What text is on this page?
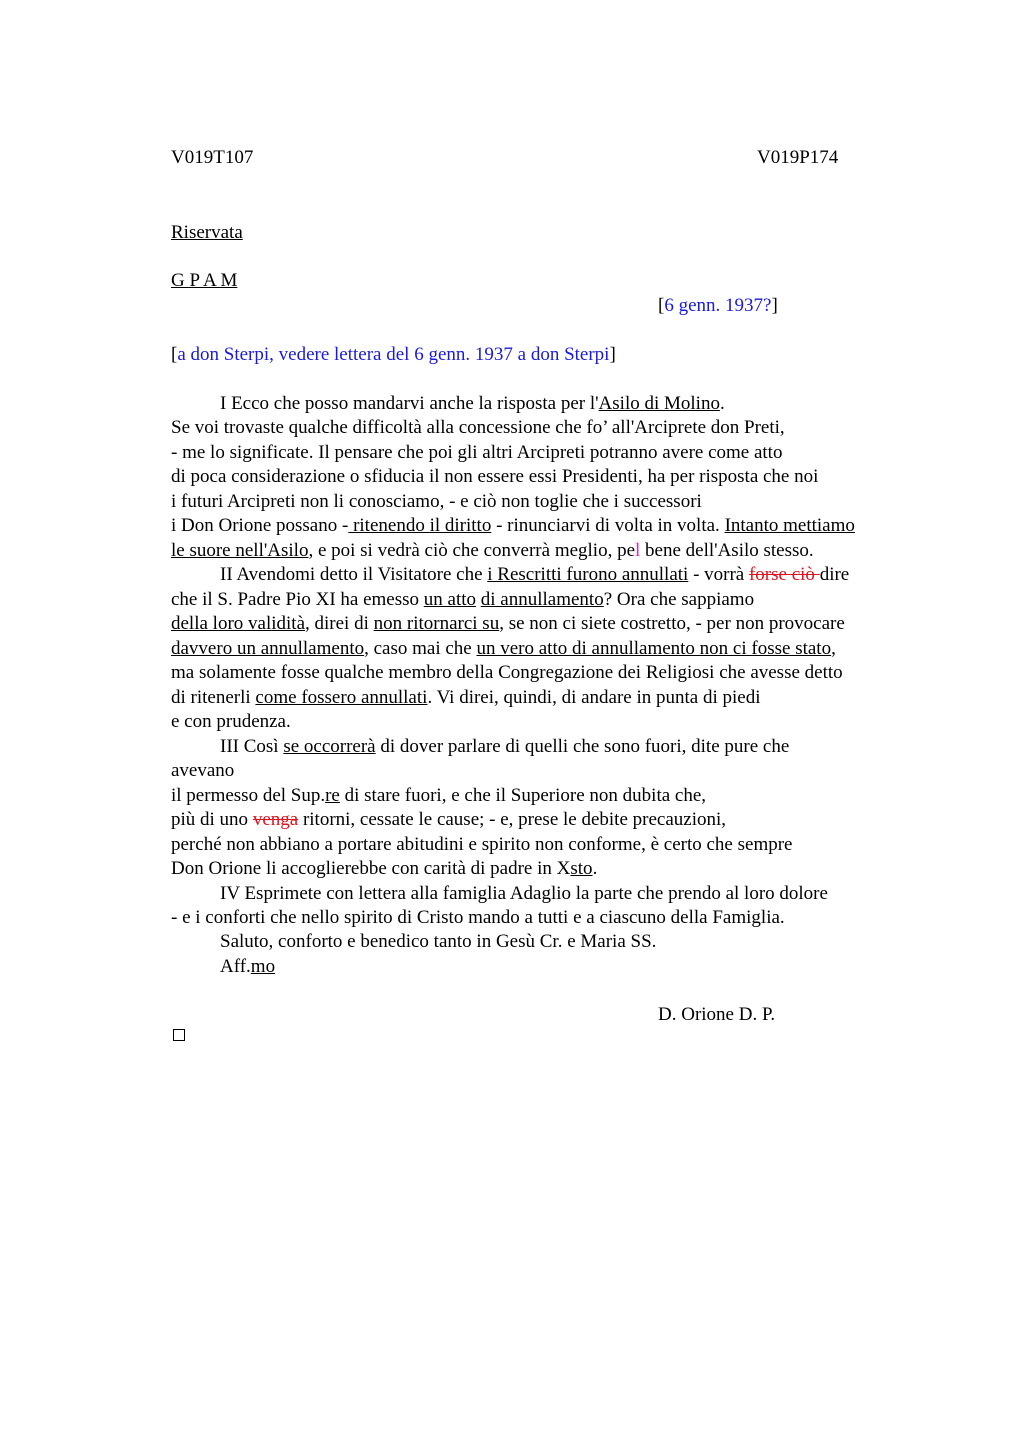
V019T107	V019P174
Riservata
G P A M
[6 genn. 1937?]
[a don Sterpi, vedere lettera del 6 genn. 1937 a don Sterpi]
I Ecco che posso mandarvi anche la risposta per l'Asilo di Molino.
Se voi trovaste qualche difficoltà alla concessione che fo’ all'Arciprete don Preti,
- me lo significate. Il pensare che poi gli altri Arcipreti potranno avere come atto
di poca considerazione o sfiducia il non essere essi Presidenti, ha per risposta che noi
i futuri Arcipreti non li conosciamo, - e ciò non toglie che i successori
i Don Orione possano - ritenendo il diritto - rinunciarvi di volta in volta. Intanto mettiamo
le suore nell'Asilo, e poi si vedrà ciò che converrà meglio, pel bene dell'Asilo stesso.
II Avendomi detto il Visitatore che i Rescritti furono annullati - vorrà forse ciò dire
che il S. Padre Pio XI ha emesso un atto di annullamento? Ora che sappiamo
della loro validità, direi di non ritornarci su, se non ci siete costretto, - per non provocare
davvero un annullamento, caso mai che un vero atto di annullamento non ci fosse stato,
ma solamente fosse qualche membro della Congregazione dei Religiosi che avesse detto
di ritenerli come fossero annullati. Vi direi, quindi, di andare in punta di piedi
e con prudenza.
III Così se occorrerà di dover parlare di quelli che sono fuori, dite pure che
avevano
il permesso del Sup.re di stare fuori, e che il Superiore non dubita che,
più di uno venga ritorni, cessate le cause; - e, prese le debite precauzioni,
perché non abbiano a portare abitudini e spirito non conforme, è certo che sempre
Don Orione li accoglierebbe con carità di padre in Xsto.
IV Esprimete con lettera alla famiglia Adaglio la parte che prendo al loro dolore
- e i conforti che nello spirito di Cristo mando a tutti e a ciascuno della Famiglia.
Saluto, conforto e benedico tanto in Gesù Cr. e Maria SS.
Aff.mo
D. Orione D. P.
